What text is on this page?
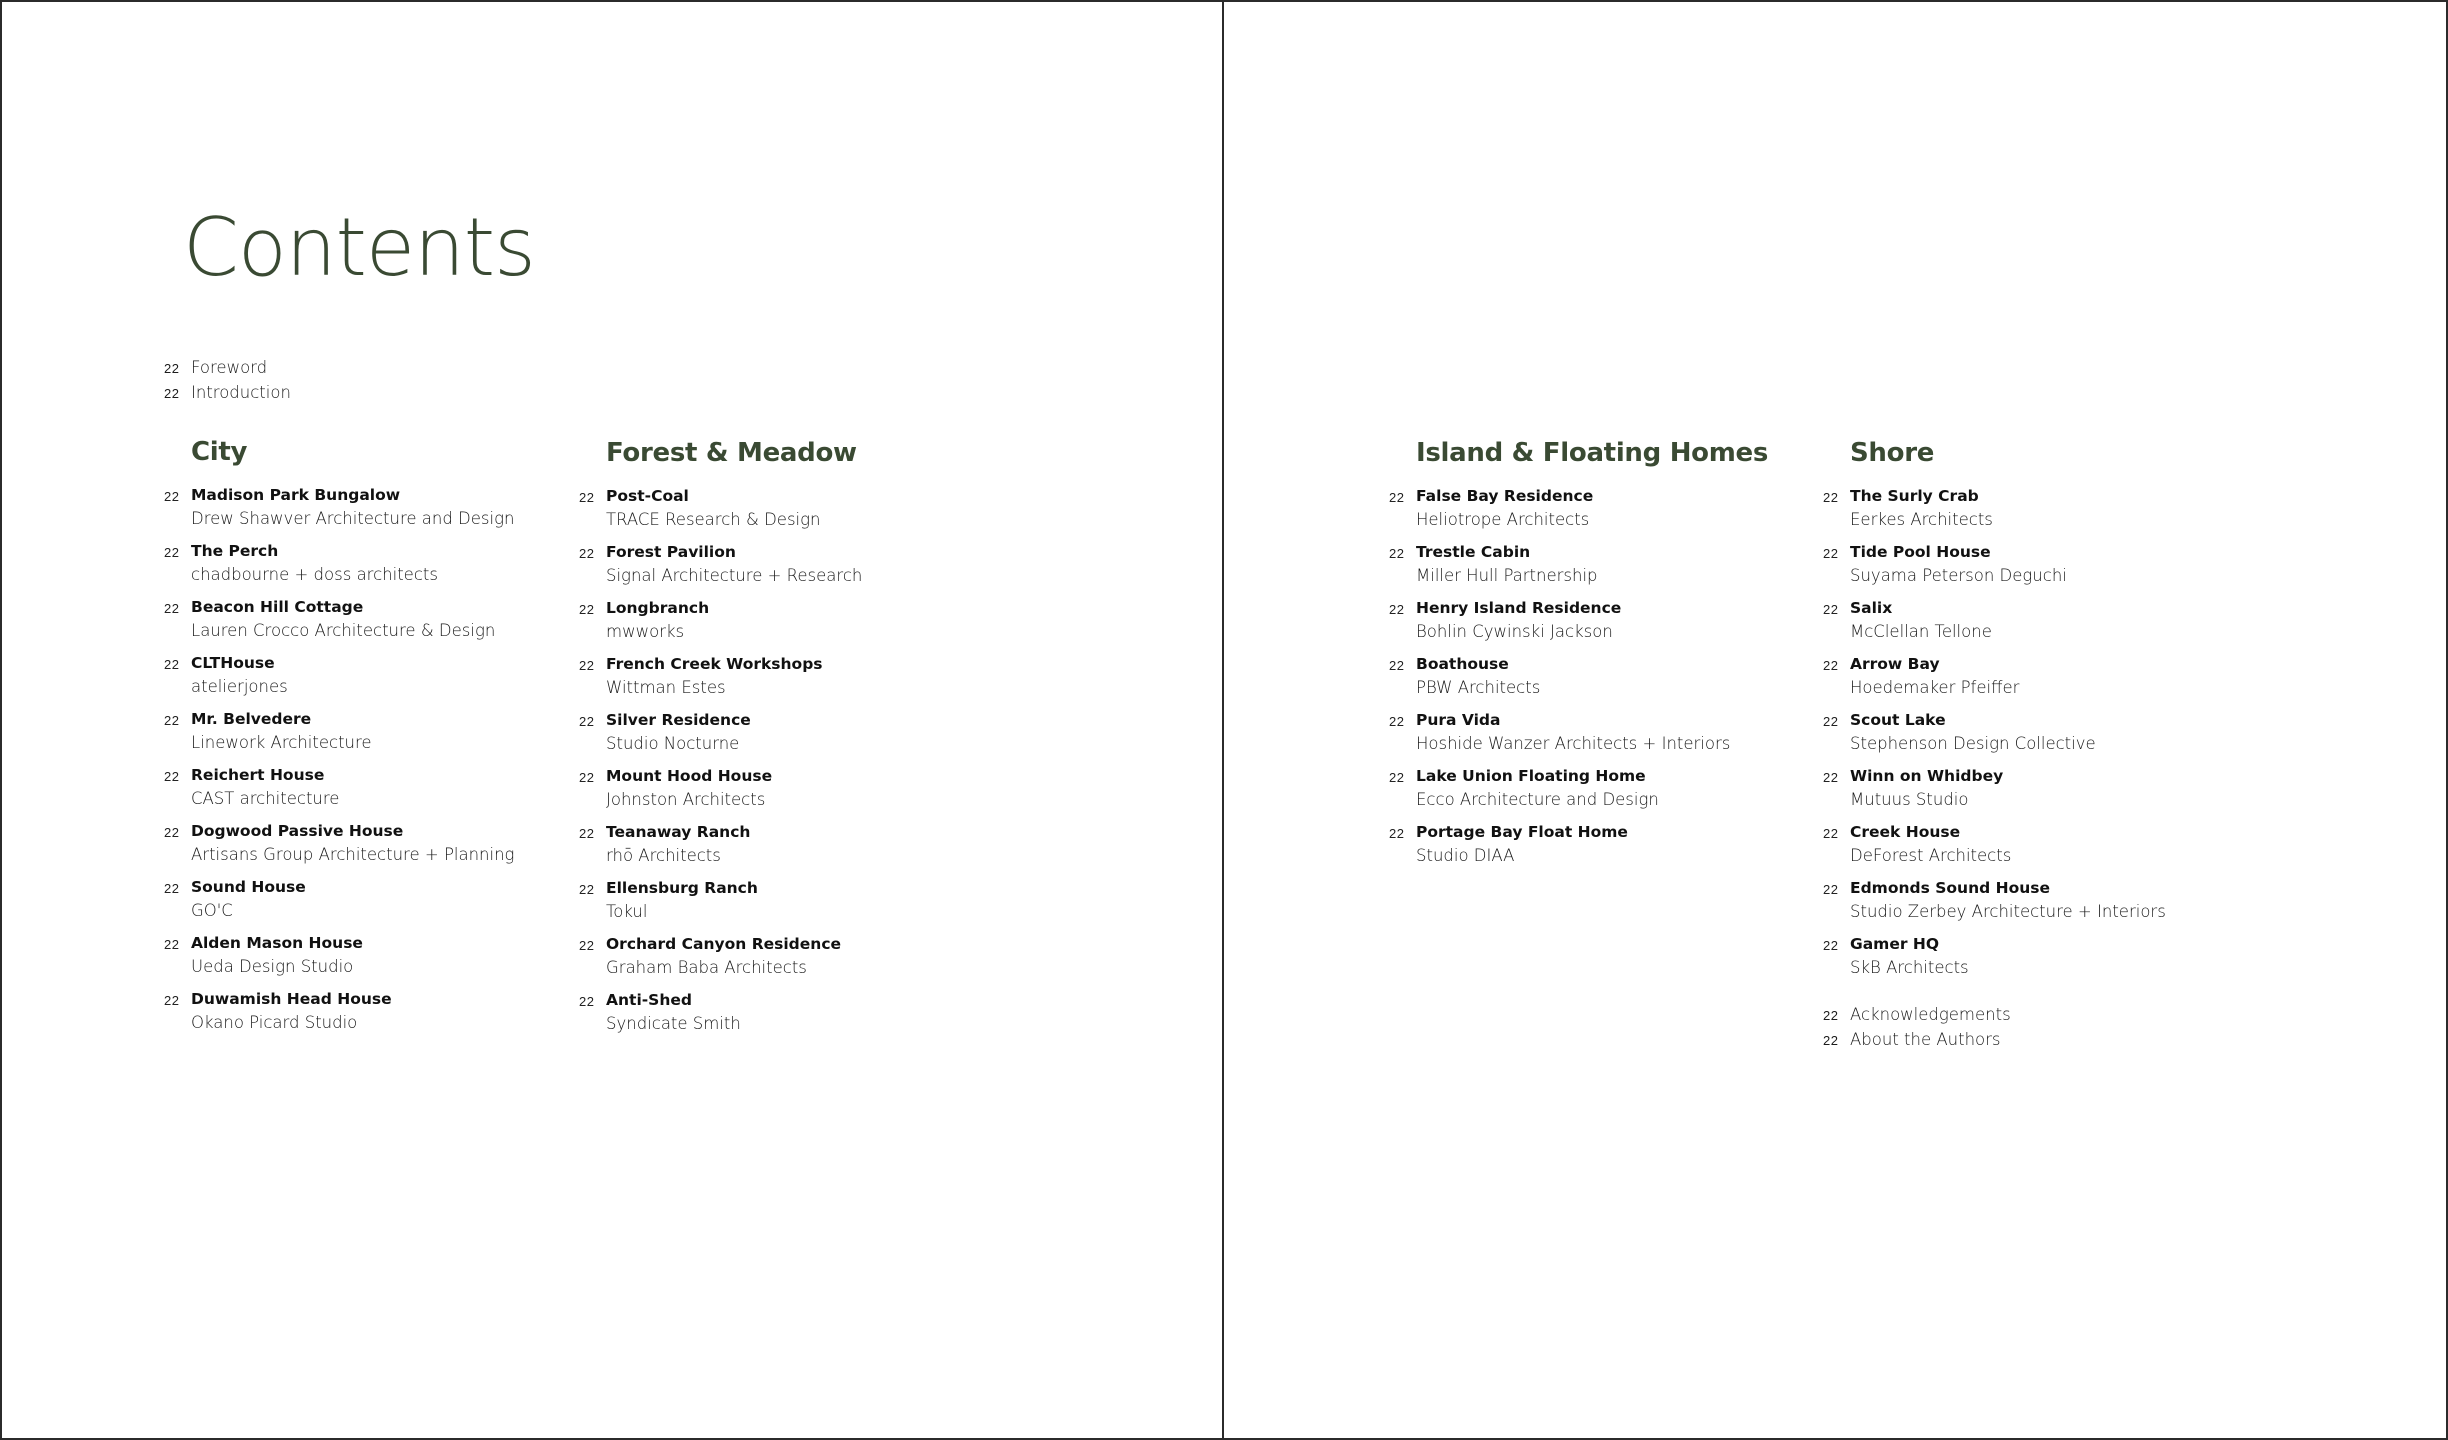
Contents
22 Foreword
22 Introduction
City
22 Madison Park Bungalow
Drew Shawver Architecture and Design
22 The Perch
chadbourne + doss architects
22 Beacon Hill Cottage
Lauren Crocco Architecture & Design
22 CLTHouse
atelierjones
22 Mr. Belvedere
Linework Architecture
22 Reichert House
CAST architecture
22 Dogwood Passive House
Artisans Group Architecture + Planning
22 Sound House
GO'C
22 Alden Mason House
Ueda Design Studio
22 Duwamish Head House
Okano Picard Studio
Forest & Meadow
22 Post-Coal
TRACE Research & Design
22 Forest Pavilion
Signal Architecture + Research
22 Longbranch
mwworks
22 French Creek Workshops
Wittman Estes
22 Silver Residence
Studio Nocturne
22 Mount Hood House
Johnston Architects
22 Teanaway Ranch
rhō Architects
22 Ellensburg Ranch
Tokul
22 Orchard Canyon Residence
Graham Baba Architects
22 Anti-Shed
Syndicate Smith
Island & Floating Homes
22 False Bay Residence
Heliotrope Architects
22 Trestle Cabin
Miller Hull Partnership
22 Henry Island Residence
Bohlin Cywinski Jackson
22 Boathouse
PBW Architects
22 Pura Vida
Hoshide Wanzer Architects + Interiors
22 Lake Union Floating Home
Ecco Architecture and Design
22 Portage Bay Float Home
Studio DIAA
Shore
22 The Surly Crab
Eerkes Architects
22 Tide Pool House
Suyama Peterson Deguchi
22 Salix
McClellan Tellone
22 Arrow Bay
Hoedemaker Pfeiffer
22 Scout Lake
Stephenson Design Collective
22 Winn on Whidbey
Mutuus Studio
22 Creek House
DeForest Architects
22 Edmonds Sound House
Studio Zerbey Architecture + Interiors
22 Gamer HQ
SkB Architects
22 Acknowledgements
22 About the Authors
